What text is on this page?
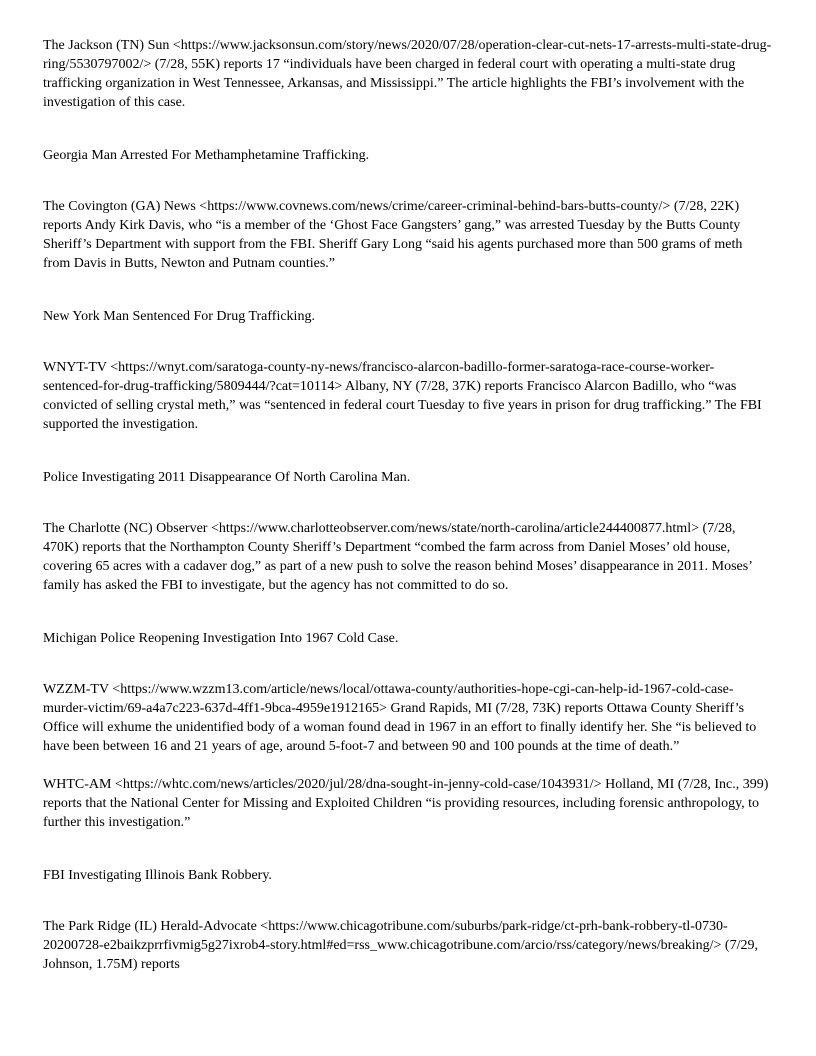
The Jackson (TN) Sun <https://www.jacksonsun.com/story/news/2020/07/28/operation-clear-cut-nets-17-arrests-multi-state-drug-ring/5530797002/> (7/28, 55K) reports 17 “individuals have been charged in federal court with operating a multi-state drug trafficking organization in West Tennessee, Arkansas, and Mississippi.” The article highlights the FBI’s involvement with the investigation of this case.

Georgia Man Arrested For Methamphetamine Trafficking.

The Covington (GA) News <https://www.covnews.com/news/crime/career-criminal-behind-bars-butts-county/> (7/28, 22K) reports Andy Kirk Davis, who “is a member of the ‘Ghost Face Gangsters’ gang,” was arrested Tuesday by the Butts County Sheriff’s Department with support from the FBI. Sheriff Gary Long “said his agents purchased more than 500 grams of meth from Davis in Butts, Newton and Putnam counties.”

New York Man Sentenced For Drug Trafficking.

WNYT-TV <https://wnyt.com/saratoga-county-ny-news/francisco-alarcon-badillo-former-saratoga-race-course-worker-sentenced-for-drug-trafficking/5809444/?cat=10114> Albany, NY (7/28, 37K) reports Francisco Alarcon Badillo, who “was convicted of selling crystal meth,” was “sentenced in federal court Tuesday to five years in prison for drug trafficking.” The FBI supported the investigation.

Police Investigating 2011 Disappearance Of North Carolina Man.

The Charlotte (NC) Observer <https://www.charlotteobserver.com/news/state/north-carolina/article244400877.html> (7/28, 470K) reports that the Northampton County Sheriff’s Department “combed the farm across from Daniel Moses’ old house, covering 65 acres with a cadaver dog,” as part of a new push to solve the reason behind Moses’ disappearance in 2011. Moses’ family has asked the FBI to investigate, but the agency has not committed to do so.

Michigan Police Reopening Investigation Into 1967 Cold Case.

WZZM-TV <https://www.wzzm13.com/article/news/local/ottawa-county/authorities-hope-cgi-can-help-id-1967-cold-case-murder-victim/69-a4a7c223-637d-4ff1-9bca-4959e1912165> Grand Rapids, MI (7/28, 73K) reports Ottawa County Sheriff’s Office will exhume the unidentified body of a woman found dead in 1967 in an effort to finally identify her. She “is believed to have been between 16 and 21 years of age, around 5-foot-7 and between 90 and 100 pounds at the time of death.”

WHTC-AM <https://whtc.com/news/articles/2020/jul/28/dna-sought-in-jenny-cold-case/1043931/> Holland, MI (7/28, Inc., 399) reports that the National Center for Missing and Exploited Children “is providing resources, including forensic anthropology, to further this investigation.”

FBI Investigating Illinois Bank Robbery.

The Park Ridge (IL) Herald-Advocate <https://www.chicagotribune.com/suburbs/park-ridge/ct-prh-bank-robbery-tl-0730-20200728-e2baikzprrfivmig5g27ixrob4-story.html#ed=rss_www.chicagotribune.com/arcio/rss/category/news/breaking/> (7/29, Johnson, 1.75M) reports
